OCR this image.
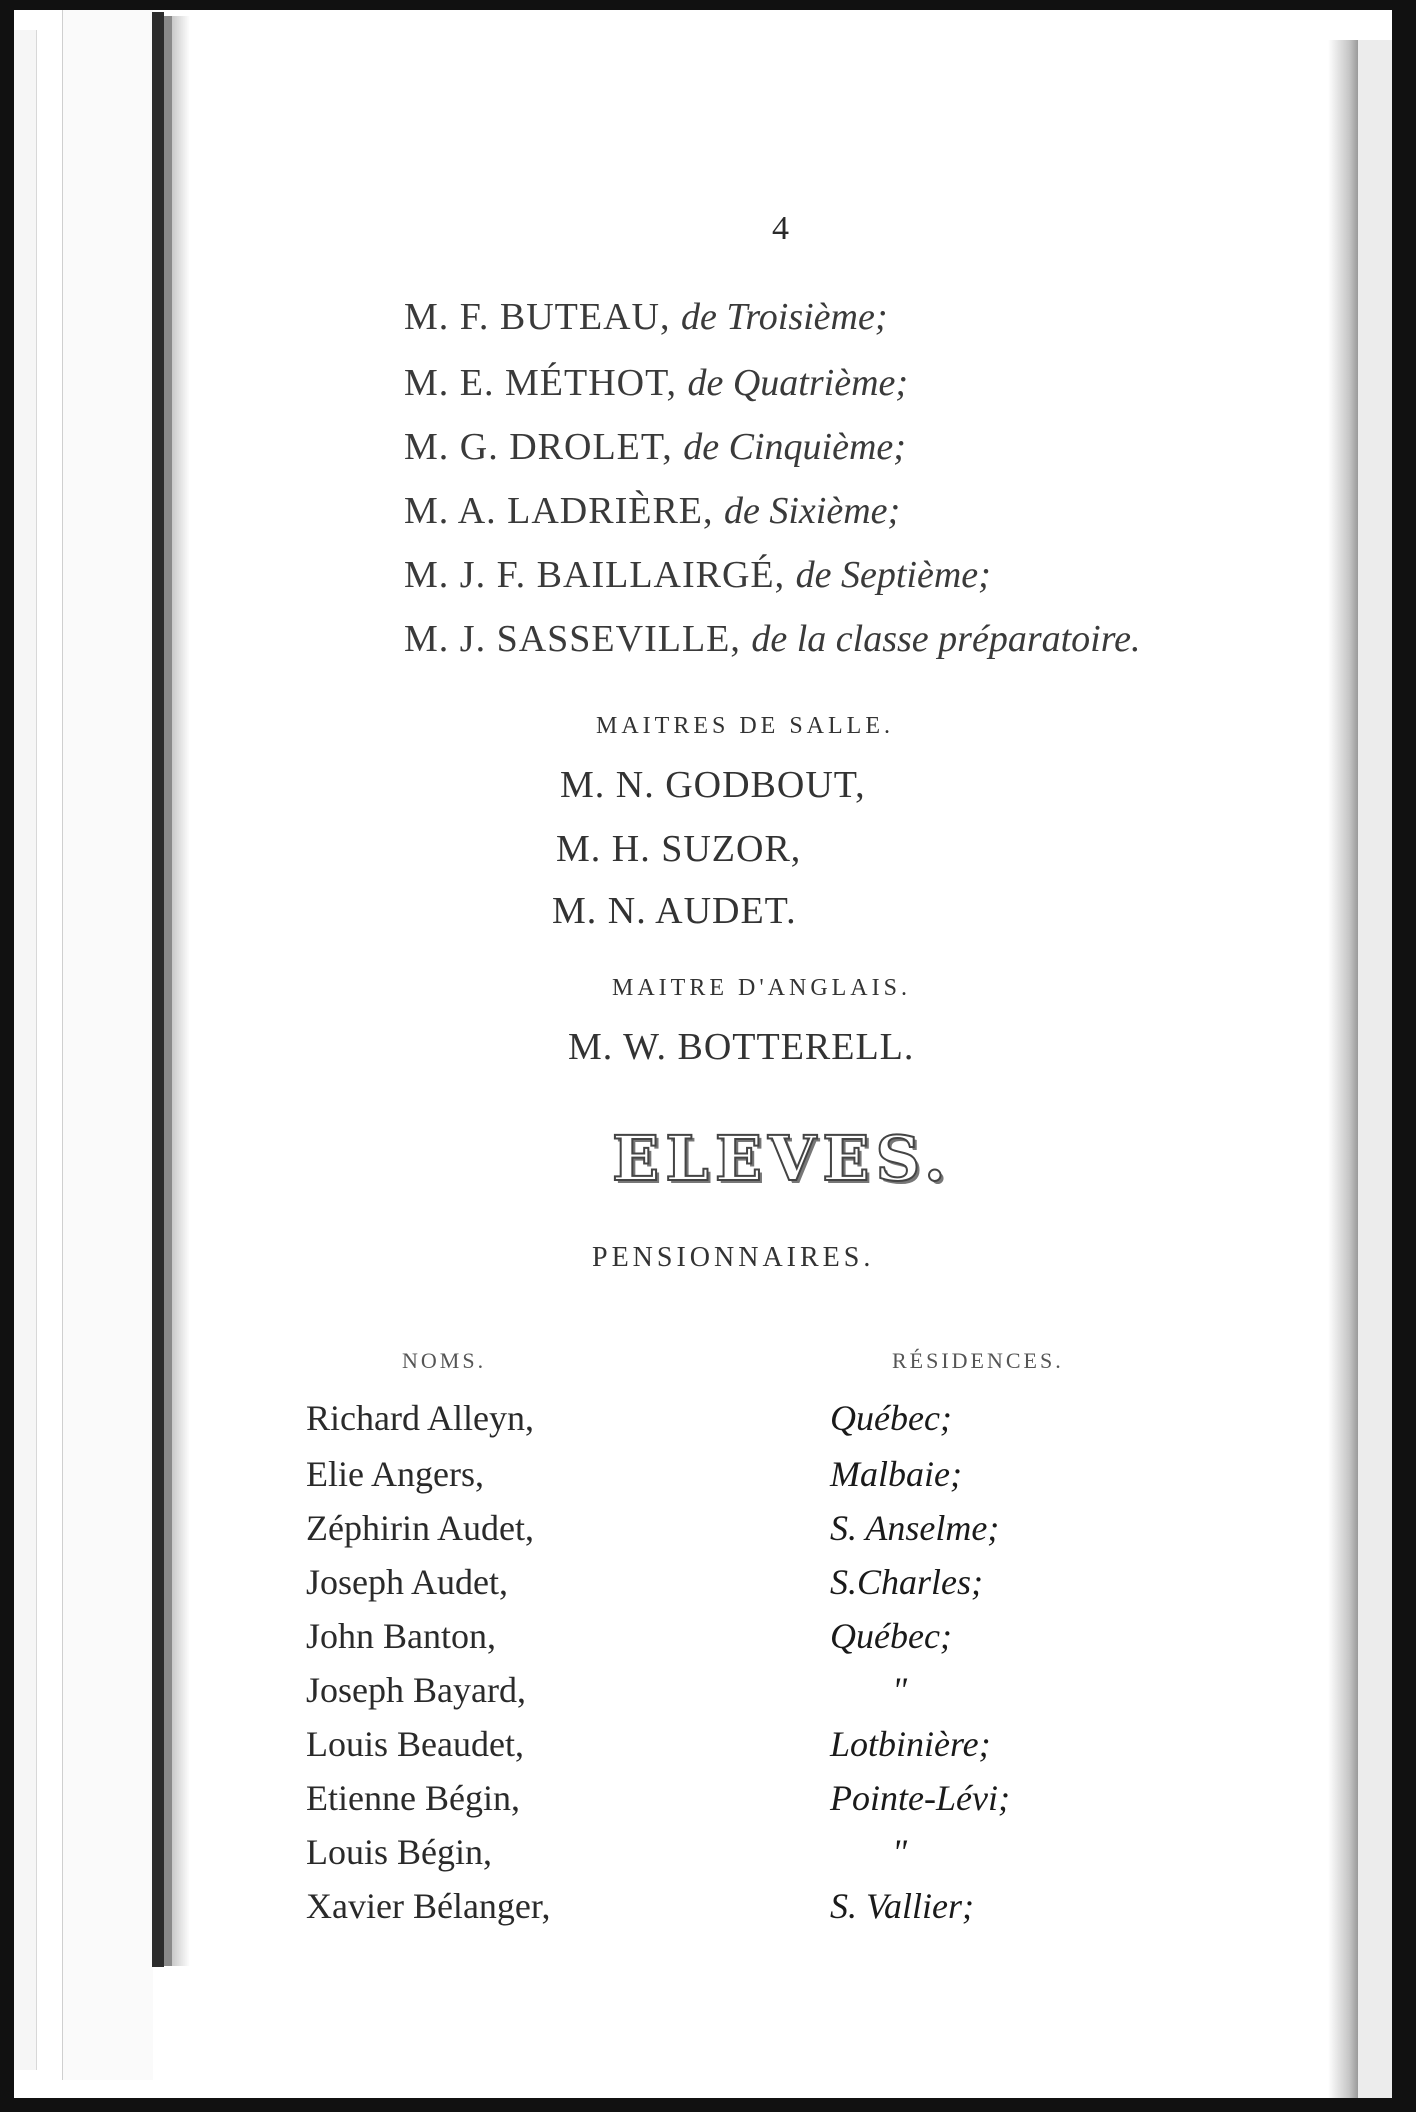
4
M. F. BUTEAU, de Troisième;
M. E. MÉTHOT, de Quatrième;
M. G. DROLET, de Cinquième;
M. A. LADRIÈRE, de Sixième;
M. J. F. BAILLAIRGÉ, de Septième;
M. J. SASSEVILLE, de la classe préparatoire.
MAITRES DE SALLE.
M. N. GODBOUT,
M. H. SUZOR,
M. N. AUDET.
MAITRE D'ANGLAIS.
M. W. BOTTERELL.
ELEVES.
PENSIONNAIRES.
NOMS.	RÉSIDENCES.
Richard Alleyn,	Québec;
Elie Angers,	Malbaie;
Zéphirin Audet,	S. Anselme;
Joseph Audet,	S.Charles;
John Banton,	Québec;
Joseph Bayard,	"
Louis Beaudet,	Lotbinière;
Etienne Bégin,	Pointe-Lévi;
Louis Bégin,	"
Xavier Bélanger,	S. Vallier;
